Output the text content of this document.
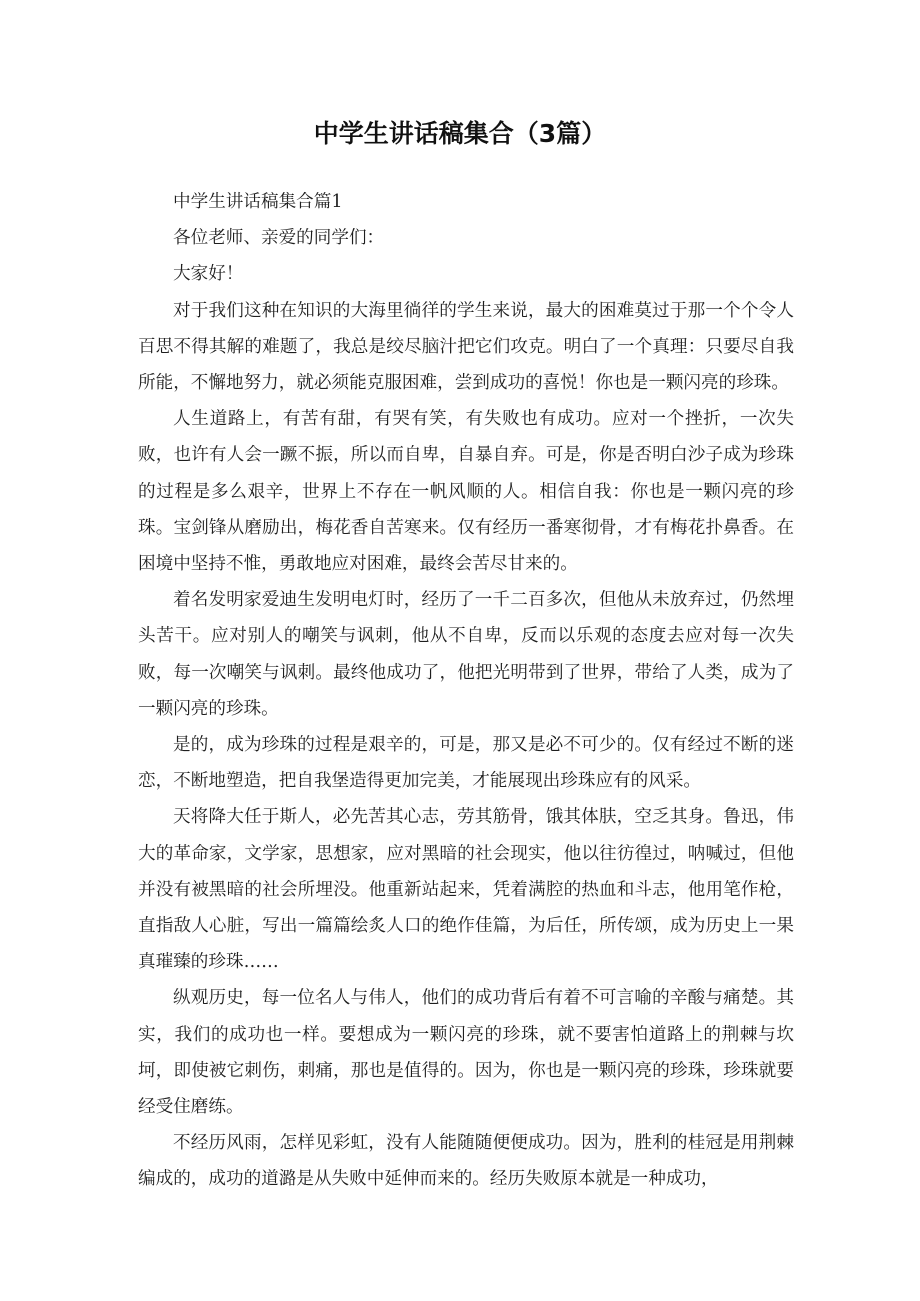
中学生讲话稿集合（3篇）

中学生讲话稿集合篇1

各位老师、亲爱的同学们：

大家好！

对于我们这种在知识的大海里徜徉的学生来说，最大的困难莫过于那一个个令人百思不得其解的难题了，我总是绞尽脑汁把它们攻克。明白了一个真理：只要尽自我所能，不懈地努力，就必须能克服困难，尝到成功的喜悦！你也是一颗闪亮的珍珠。

人生道路上，有苦有甜，有哭有笑，有失败也有成功。应对一个挫折，一次失败，也许有人会一蹶不振，所以而自卑，自暴自弃。可是，你是否明白沙子成为珍珠的过程是多么艰辛，世界上不存在一帆风顺的人。相信自我：你也是一颗闪亮的珍珠。宝剑锋从磨励出，梅花香自苦寒来。仅有经历一番寒彻骨，才有梅花扑鼻香。在困境中坚持不惟，勇敢地应对困难，最终会苦尽甘来的。

着名发明家爱迪生发明电灯时，经历了一千二百多次，但他从未放弃过，仍然埋头苦干。应对别人的嘲笑与讽刺，他从不自卑，反而以乐观的态度去应对每一次失败，每一次嘲笑与讽刺。最终他成功了，他把光明带到了世界，带给了人类，成为了一颗闪亮的珍珠。

是的，成为珍珠的过程是艰辛的，可是，那又是必不可少的。仅有经过不断的迷恋，不断地塑造，把自我堡造得更加完美，才能展现出珍珠应有的风采。

天将降大任于斯人，必先苦其心志，劳其筋骨，饿其体肤，空乏其身。鲁迅，伟大的革命家，文学家，思想家，应对黑暗的社会现实，他以往彷徨过，呐喊过，但他并没有被黑暗的社会所埋没。他重新站起来，凭着满腔的热血和斗志，他用笔作枪，直指敌人心脏，写出一篇篇绘炙人口的绝作佳篇，为后任，所传颂，成为历史上一果真璀臻的珍珠……

纵观历史，每一位名人与伟人，他们的成功背后有着不可言喻的辛酸与痛楚。其实，我们的成功也一样。要想成为一颗闪亮的珍珠，就不要害怕道路上的荆棘与坎坷，即使被它刺伤，刺痛，那也是值得的。因为，你也是一颗闪亮的珍珠，珍珠就要经受住磨练。

不经历风雨，怎样见彩虹，没有人能随随便便成功。因为，胜利的桂冠是用荆棘编成的，成功的道潞是从失败中延伸而来的。经历失败原本就是一种成功，
